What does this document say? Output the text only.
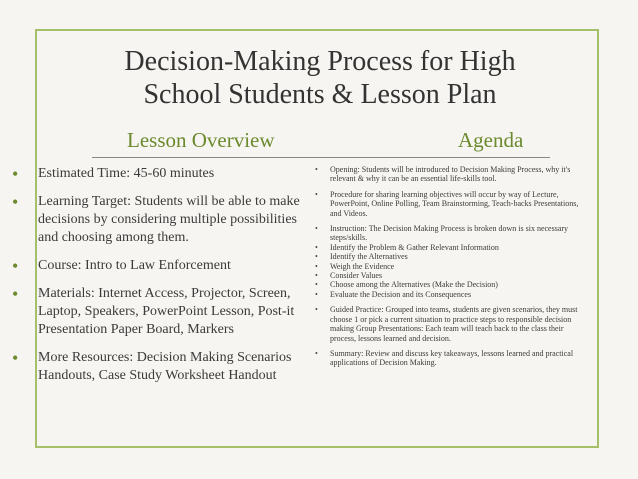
Decision-Making Process for High School Students & Lesson Plan
Lesson Overview	Agenda
• Estimated Time: 45-60 minutes
• Learning Target: Students will be able to make decisions by considering multiple possibilities and choosing among them.
• Course: Intro to Law Enforcement
• Materials: Internet Access, Projector, Screen, Laptop, Speakers, PowerPoint Lesson, Post-it Presentation Paper Board, Markers
• More Resources: Decision Making Scenarios Handouts, Case Study Worksheet Handout
• Opening: Students will be introduced to Decision Making Process, why it's relevant & why it can be an essential life-skills tool.
• Procedure for sharing learning objectives will occur by way of Lecture, PowerPoint, Online Polling, Team Brainstorming, Teach-backs Presentations, and Videos.
• Instruction: The Decision Making Process is broken down is six necessary steps/skills.
• Identify the Problem & Gather Relevant Information
• Identify the Alternatives
• Weigh the Evidence
• Consider Values
• Choose among the Alternatives (Make the Decision)
• Evaluate the Decision and its Consequences
• Guided Practice: Grouped into teams, students are given scenarios, they must choose 1 or pick a current situation to practice steps to responsible decision making Group Presentations: Each team will teach back to the class their process, lessons learned and decision.
• Summary: Review and discuss key takeaways, lessons learned and practical applications of Decision Making.
